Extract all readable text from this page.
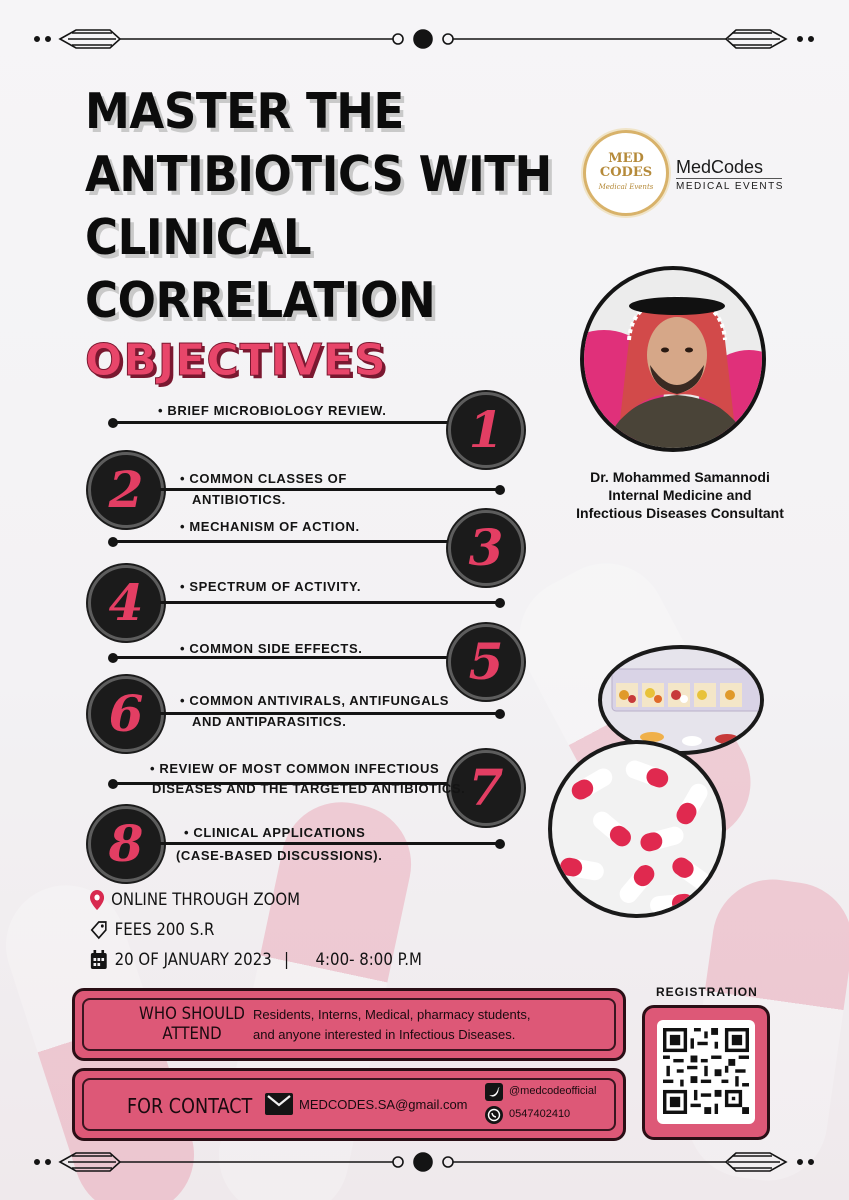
MASTER THE
ANTIBIOTICS WITH
CLINICAL
CORRELATION
OBJECTIVES
MED
CODES
Medical Events
MedCodes
MEDICAL EVENTS
Dr. Mohammed Samannodi
Internal Medicine and
Infectious Diseases Consultant
1
• BRIEF MICROBIOLOGY REVIEW.
2	• COMMON CLASSES OF
ANTIBIOTICS.
3
• MECHANISM OF ACTION.
4	• SPECTRUM OF ACTIVITY.
5
• COMMON SIDE EFFECTS.
6	• COMMON ANTIVIRALS, ANTIFUNGALS
AND ANTIPARASITICS.
7
• REVIEW OF MOST COMMON INFECTIOUS
DISEASES AND THE TARGETED ANTIBIOTICS.
8	• CLINICAL APPLICATIONS
(CASE-BASED DISCUSSIONS).
ONLINE THROUGH ZOOM
FEES 200 S.R
20 OF JANUARY 2023 | 4:00- 8:00 P.M
WHO SHOULD
ATTEND
Residents, Interns, Medical, pharmacy students,
and anyone interested in Infectious Diseases.
FOR CONTACT	MEDCODES.SA@gmail.com
@medcodeofficial
0547402410
REGISTRATION
